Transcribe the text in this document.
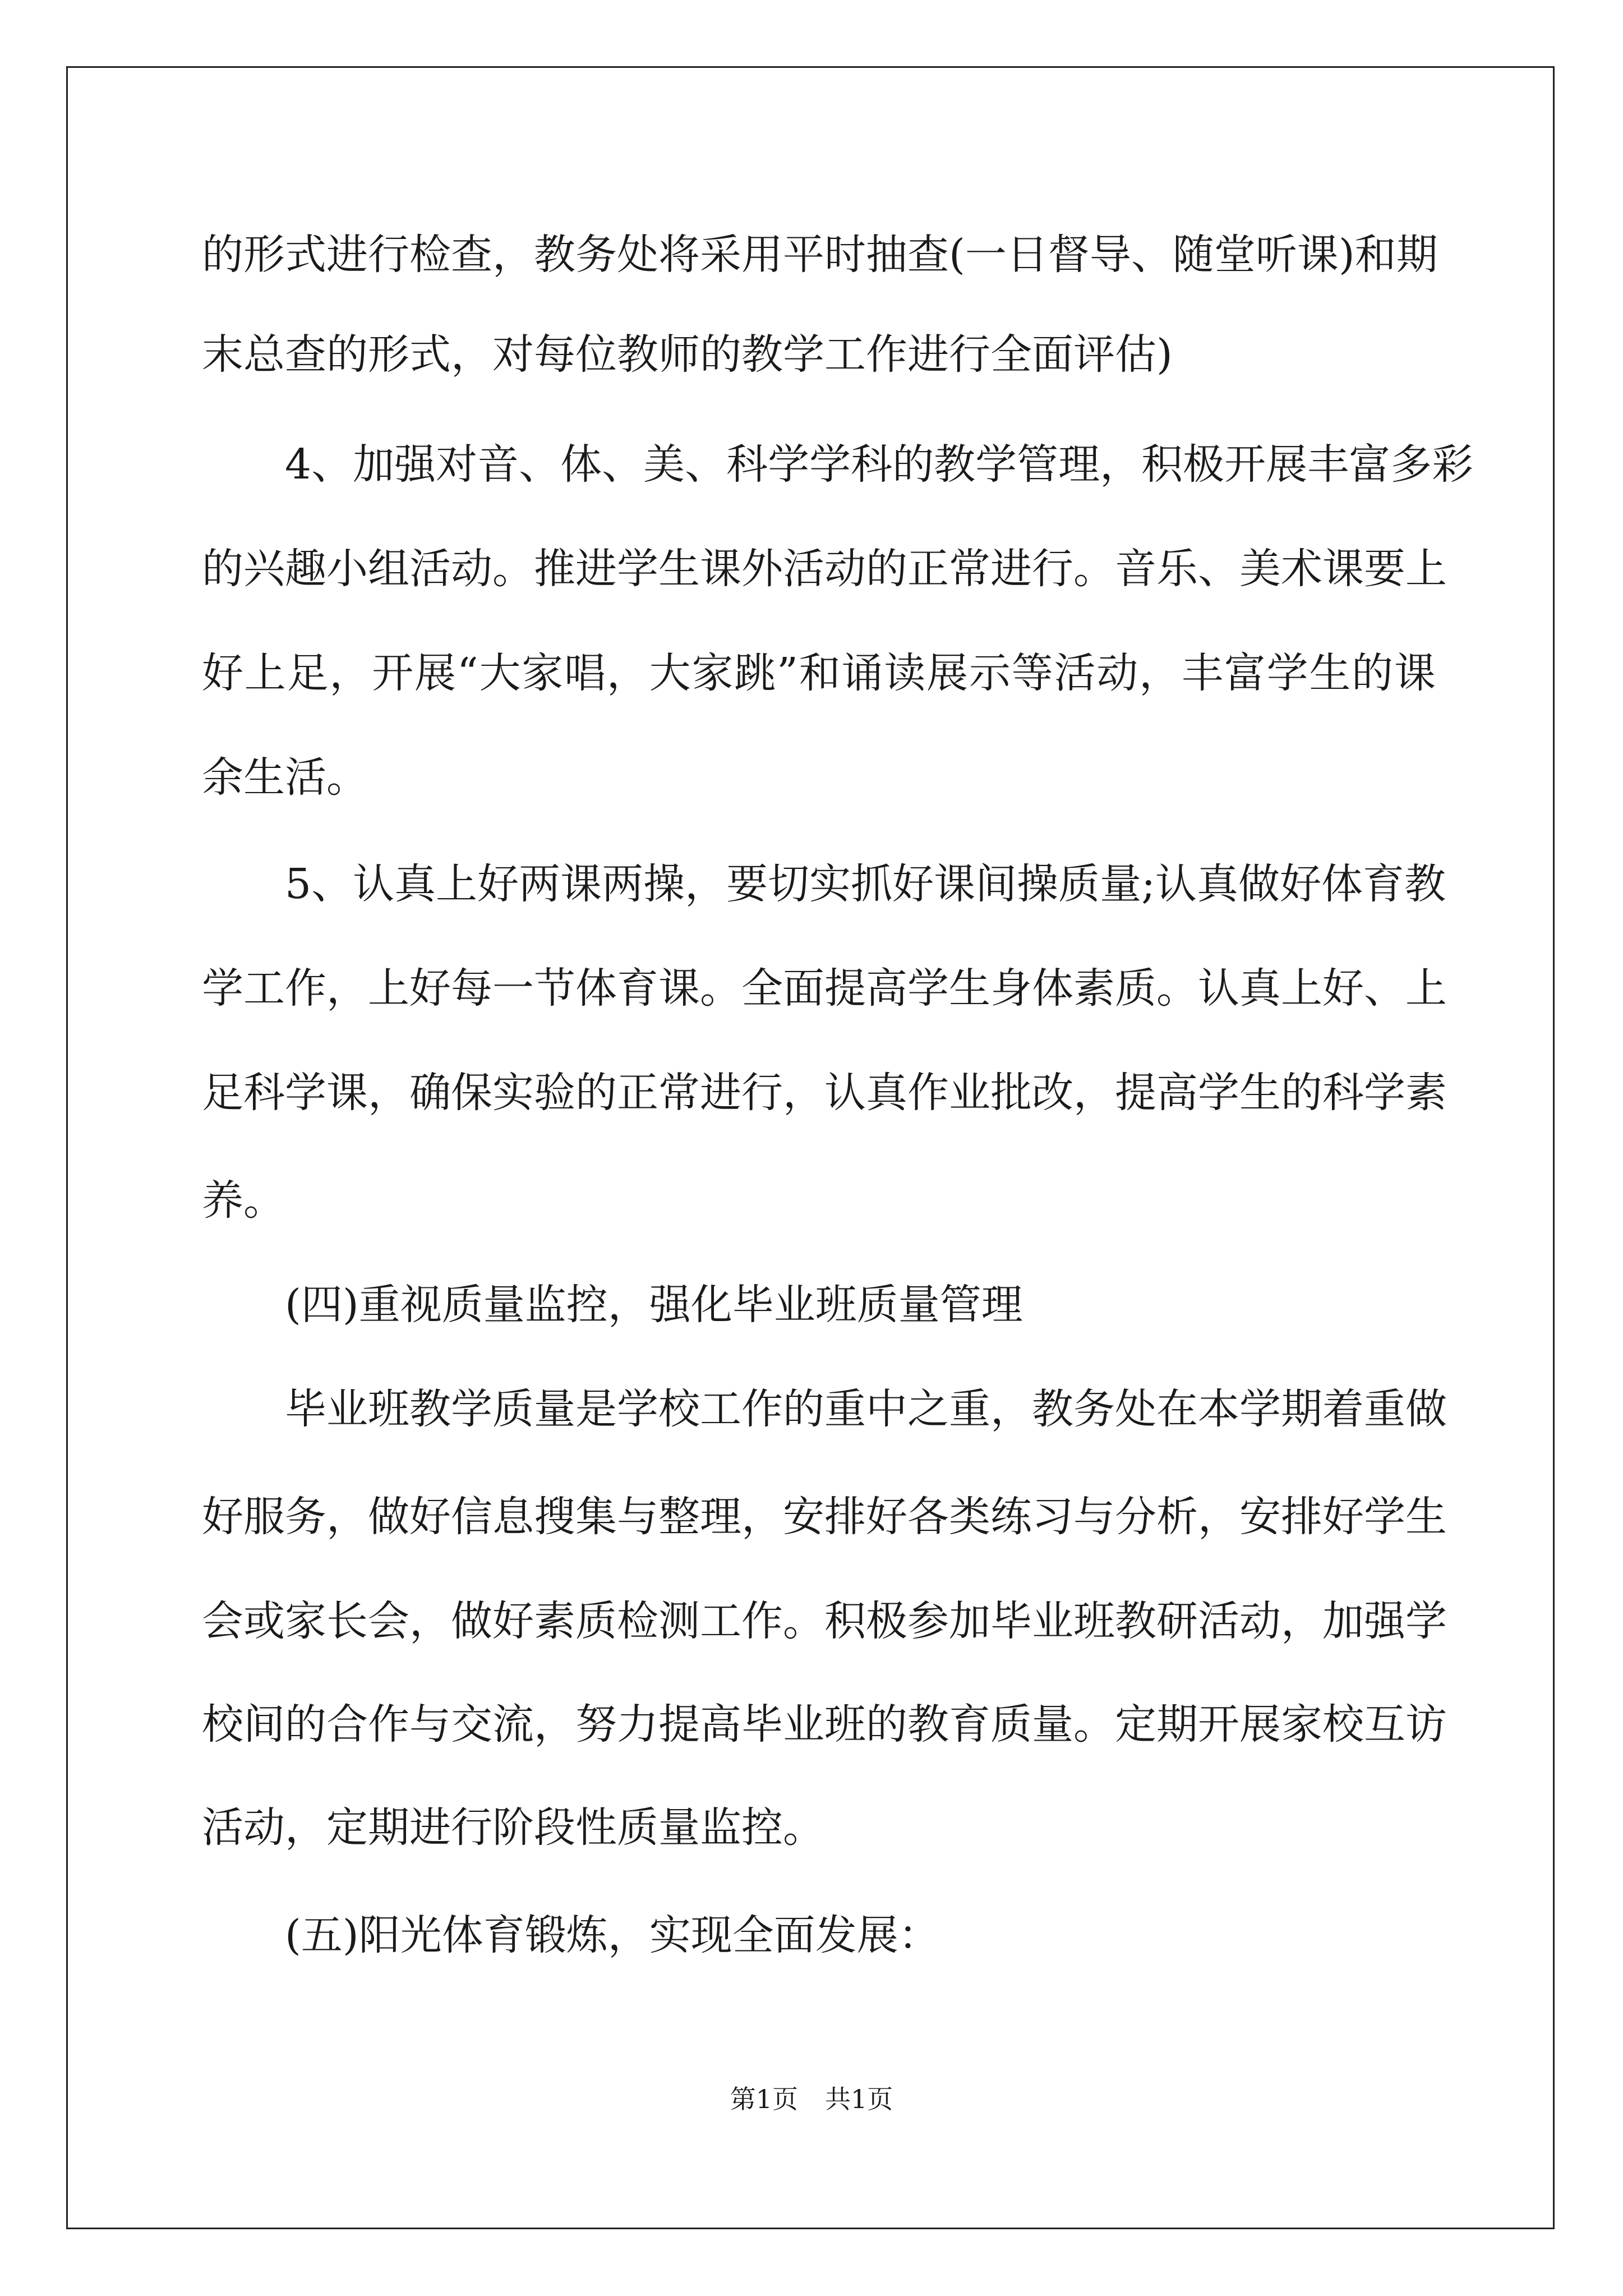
的形式进行检查，教务处将采用平时抽查(一日督导、随堂听课)和期
末总查的形式，对每位教师的教学工作进行全面评估)
4、加强对音、体、美、科学学科的教学管理，积极开展丰富多彩
的兴趣小组活动。推进学生课外活动的正常进行。音乐、美术课要上
好上足，开展“大家唱，大家跳”和诵读展示等活动，丰富学生的课
余生活。
5、认真上好两课两操，要切实抓好课间操质量;认真做好体育教
学工作，上好每一节体育课。全面提高学生身体素质。认真上好、上
足科学课，确保实验的正常进行，认真作业批改，提高学生的科学素
养。
(四)重视质量监控，强化毕业班质量管理
毕业班教学质量是学校工作的重中之重，教务处在本学期着重做
好服务，做好信息搜集与整理，安排好各类练习与分析，安排好学生
会或家长会，做好素质检测工作。积极参加毕业班教研活动，加强学
校间的合作与交流，努力提高毕业班的教育质量。定期开展家校互访
活动，定期进行阶段性质量监控。
(五)阳光体育锻炼，实现全面发展：
第1页 共1页
